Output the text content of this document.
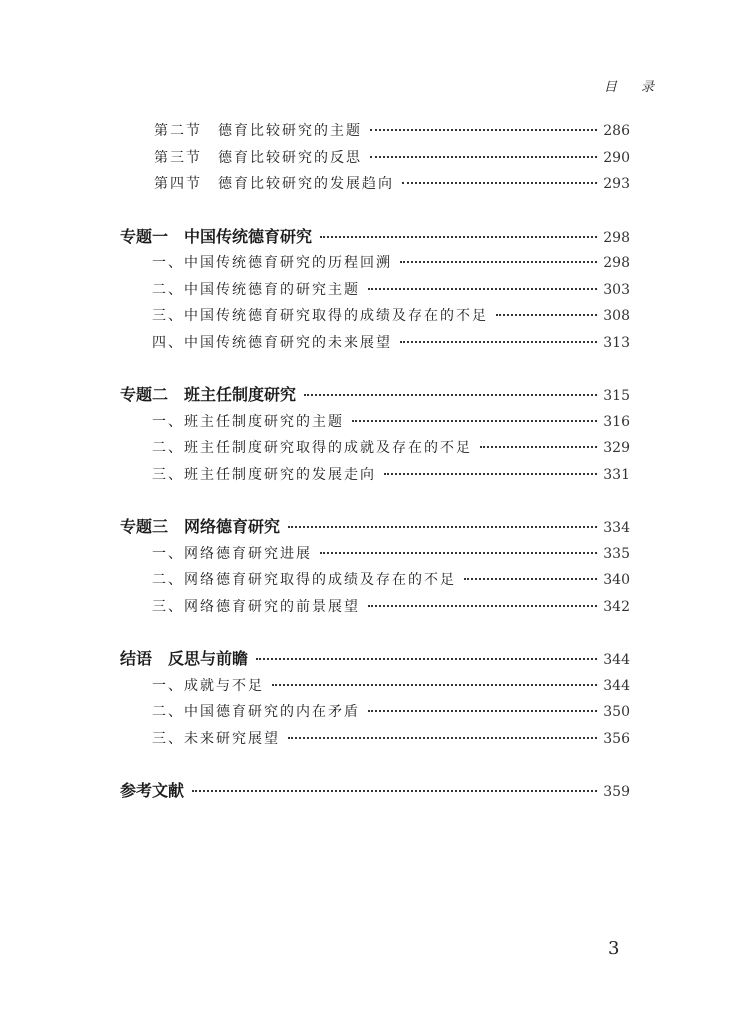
目 录
第二节　德育比较研究的主题	286
第三节　德育比较研究的反思	290
第四节　德育比较研究的发展趋向	293
专题一　中国传统德育研究	298
一、中国传统德育研究的历程回溯	298
二、中国传统德育的研究主题	303
三、中国传统德育研究取得的成绩及存在的不足	308
四、中国传统德育研究的未来展望	313
专题二　班主任制度研究	315
一、班主任制度研究的主题	316
二、班主任制度研究取得的成就及存在的不足	329
三、班主任制度研究的发展走向	331
专题三　网络德育研究	334
一、网络德育研究进展	335
二、网络德育研究取得的成绩及存在的不足	340
三、网络德育研究的前景展望	342
结语　反思与前瞻	344
一、成就与不足	344
二、中国德育研究的内在矛盾	350
三、未来研究展望	356
参考文献	359
3
